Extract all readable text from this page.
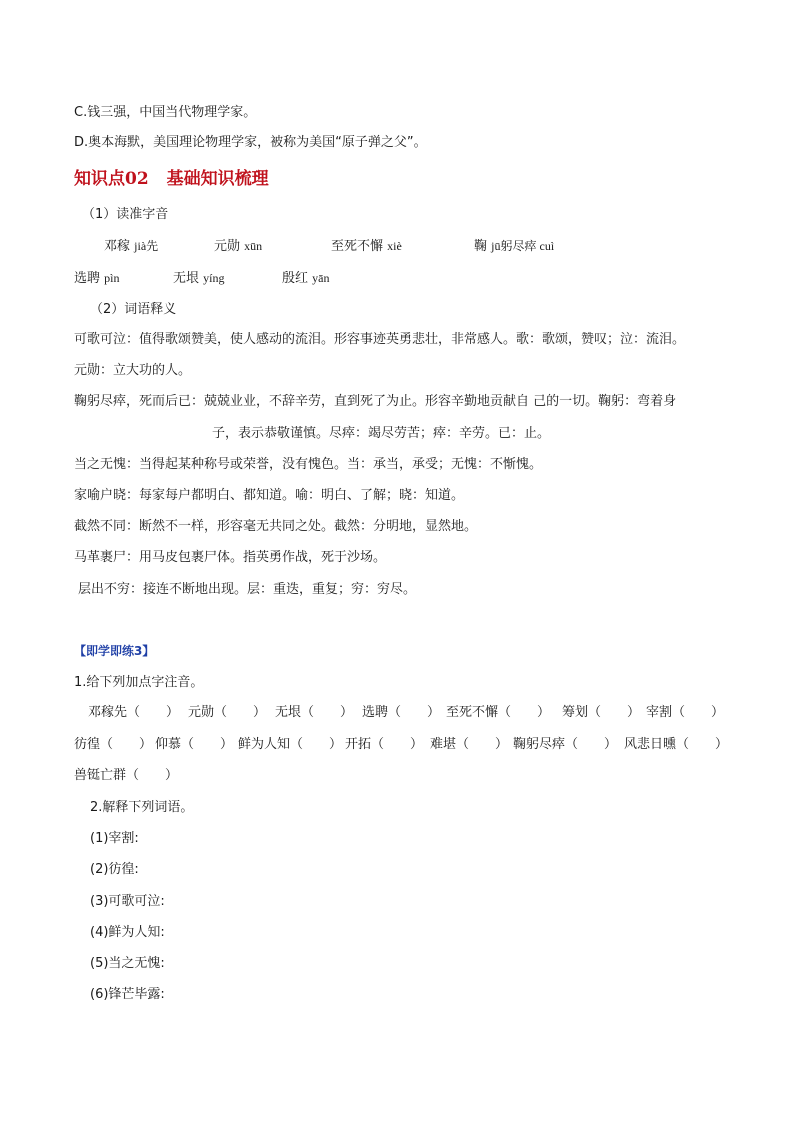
C.钱三强，中国当代物理学家。
D.奥本海默，美国理论物理学家，被称为美国“原子弹之父”。
知识点02 基础知识梳理
（1）读准字音
邓稼 jià先	元勋 xūn	至死不懈 xiè	鞠 jū躬尽瘁 cuì
选聘 pìn	无垠 yíng	殷红 yān
（2）词语释义
可歌可泣：值得歌颂赞美，使人感动的流泪。形容事迹英勇悲壮，非常感人。歌：歌颂，赞叹；泣：流泪。
元勋：立大功的人。
鞠躬尽瘁，死而后已：兢兢业业，不辞辛劳，直到死了为止。形容辛勤地贡献自 己的一切。鞠躬：弯着身
子，表示恭敬谨慎。尽瘁：竭尽劳苦；瘁：辛劳。已：止。
当之无愧：当得起某种称号或荣誉，没有愧色。当：承当，承受；无愧：不惭愧。
家喻户晓：每家每户都明白、都知道。喻：明白、了解；晓：知道。
截然不同：断然不一样，形容毫无共同之处。截然：分明地，显然地。
马革裹尸：用马皮包裹尸体。指英勇作战，死于沙场。
层出不穷：接连不断地出现。层：重迭，重复；穷：穷尽。
【即学即练3】
1.给下列加点字注音。
邓稼先（　　） 元勋（　　） 无垠（　　） 选聘（　　） 至死不懈（　　） 筹划（　　） 宰割（　　）
彷徨（　　） 仰慕（　　） 鲜为人知（　　） 开拓（　　） 难堪（　　） 鞠躬尽瘁（　　） 风悲日曛（　　）
兽铤亡群（　　）
2.解释下列词语。
(1)宰割:
(2)彷徨:
(3)可歌可泣:
(4)鲜为人知:
(5)当之无愧:
(6)锋芒毕露:
